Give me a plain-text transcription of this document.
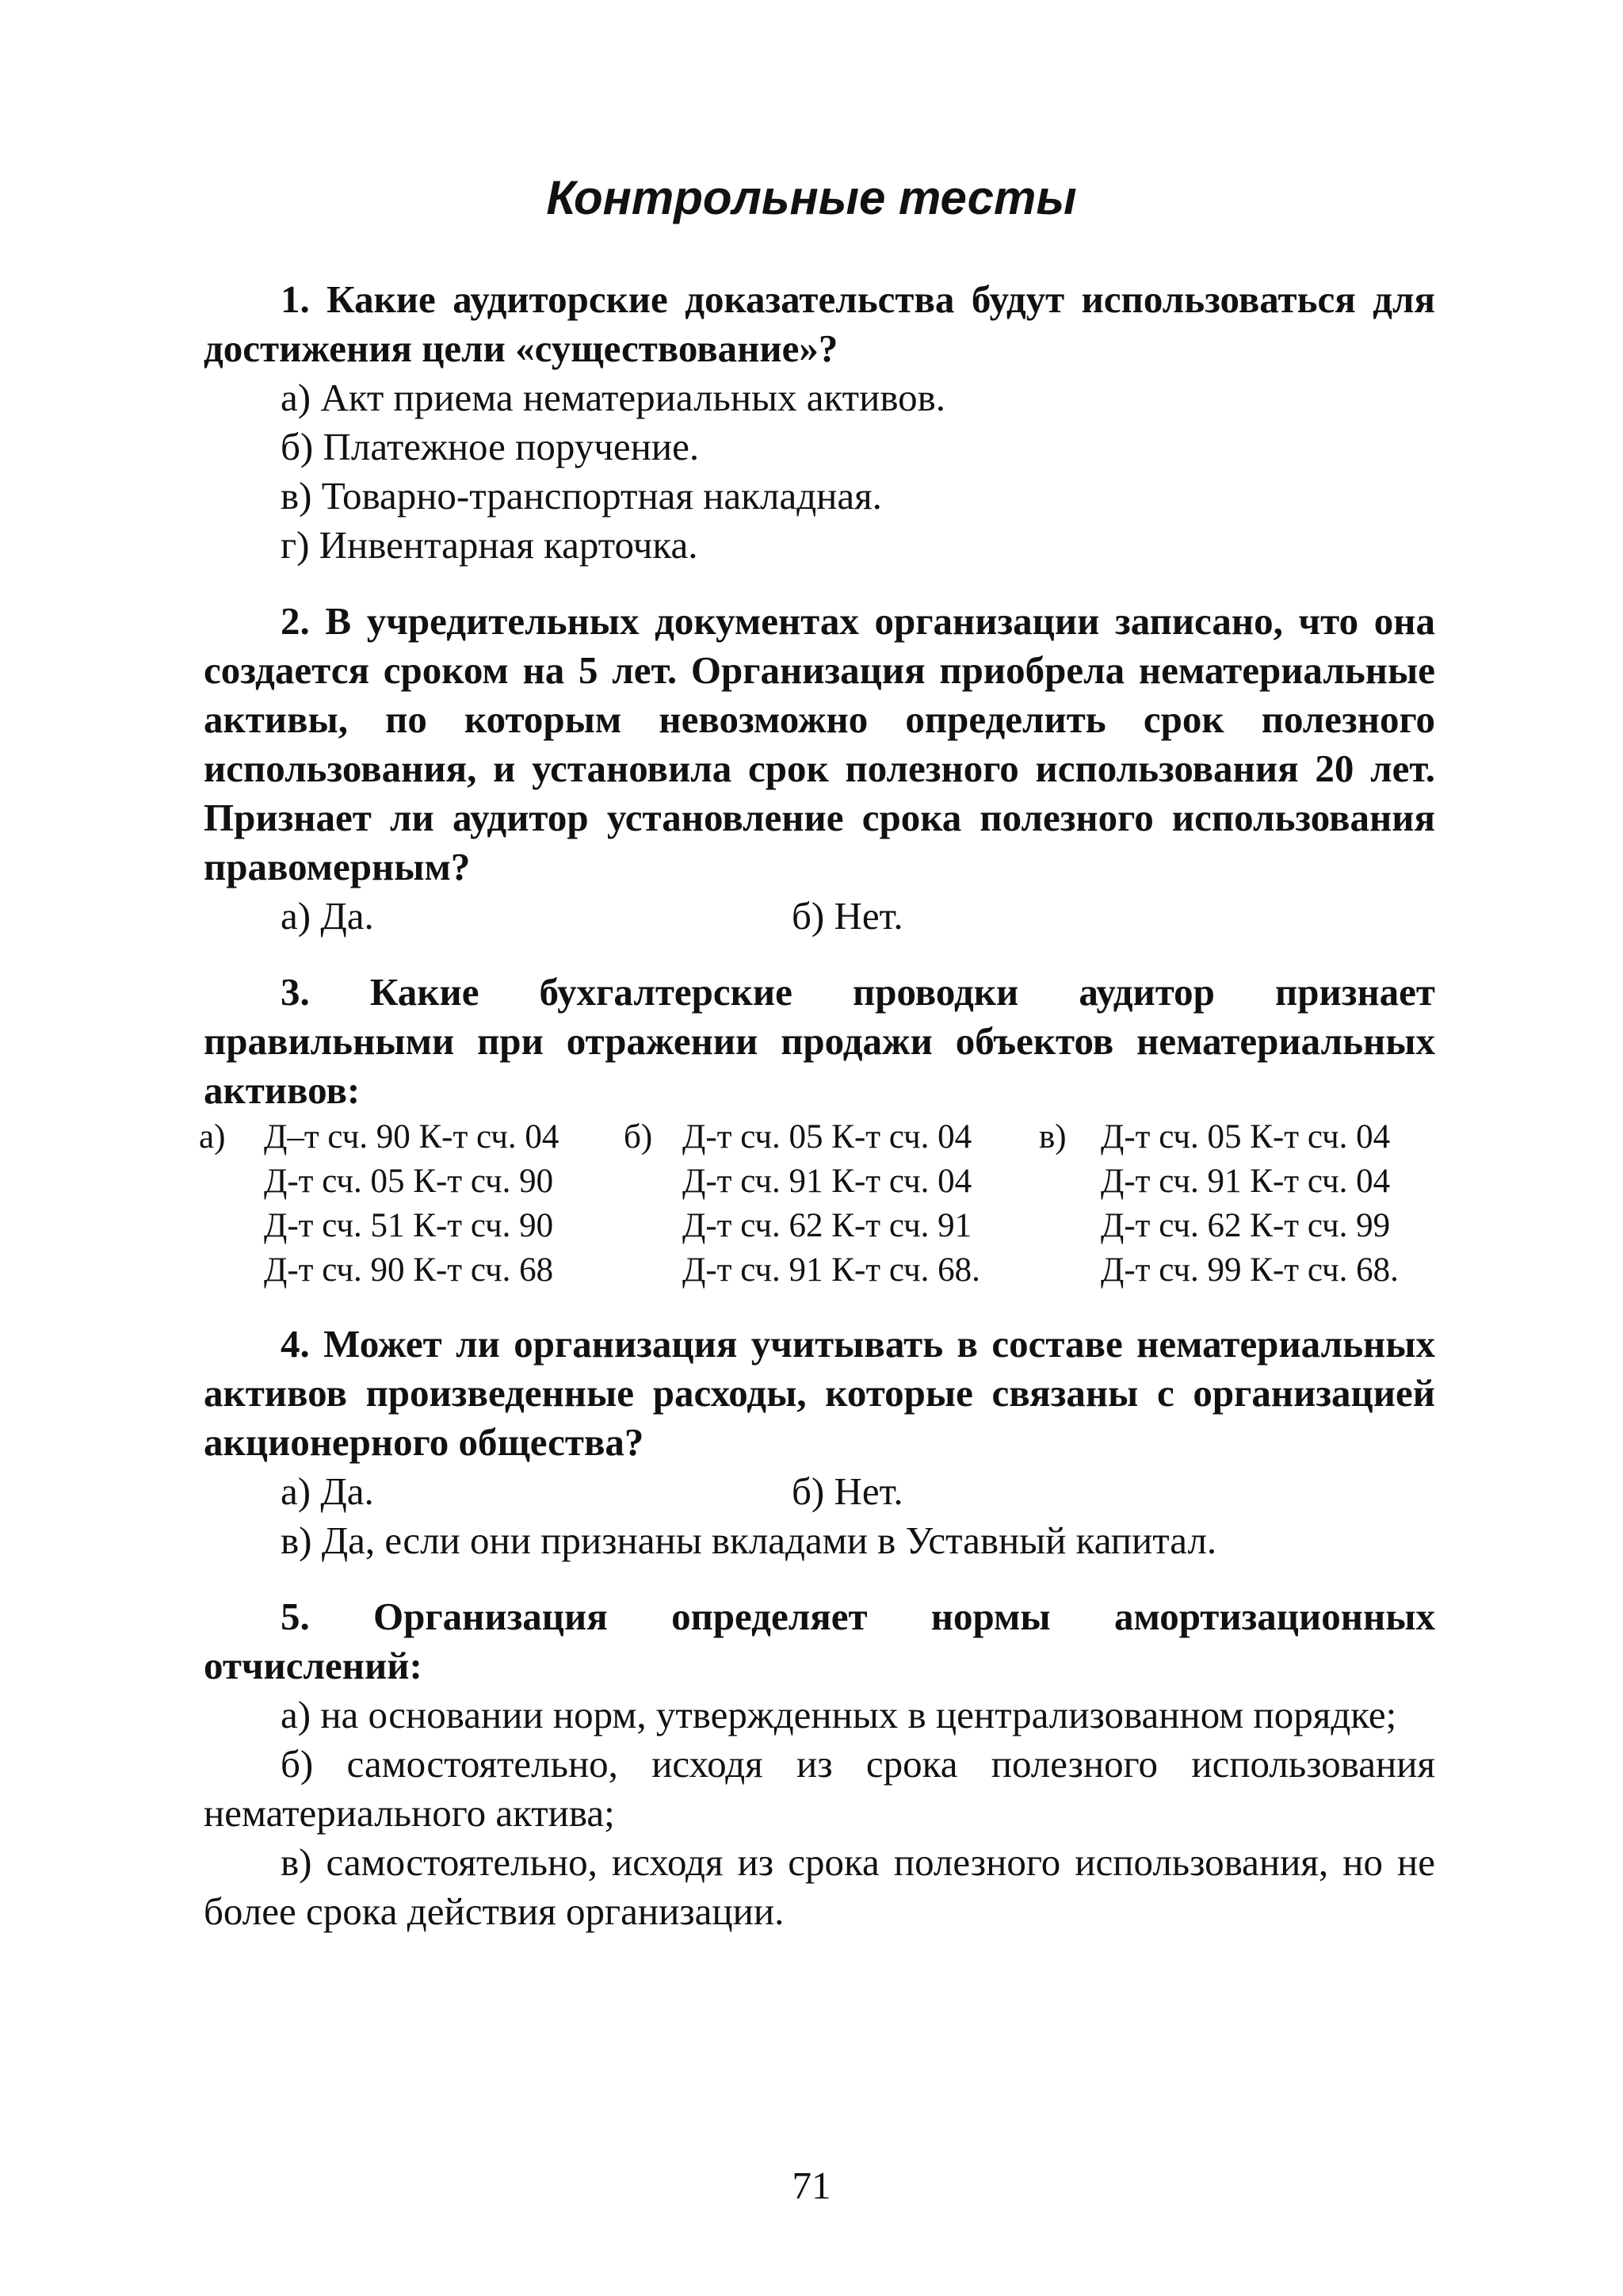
Контрольные тесты

1. Какие аудиторские доказательства будут использоваться для достижения цели «существование»?

а) Акт приема нематериальных активов.

б) Платежное поручение.

в) Товарно-транспортная накладная.

г) Инвентарная карточка.

2. В учредительных документах организации записано, что она создается сроком на 5 лет. Организация приобрела нематериальные активы, по которым невозможно определить срок полезного использования, и установила срок полезного использования 20 лет. Признает ли аудитор установление срока полезного использования правомерным?

а) Да.	б) Нет.

3. Какие бухгалтерские проводки аудитор признает правильными при отражении продажи объектов нематериальных активов:

а) Д–т сч. 90 К-т сч. 04
Д-т сч. 05 К-т сч. 90
Д-т сч. 51 К-т сч. 90
Д-т сч. 90 К-т сч. 68
б) Д-т сч. 05 К-т сч. 04
Д-т сч. 91 К-т сч. 04
Д-т сч. 62 К-т сч. 91
Д-т сч. 91 К-т сч. 68.
в) Д-т сч. 05 К-т сч. 04
Д-т сч. 91 К-т сч. 04
Д-т сч. 62 К-т сч. 99
Д-т сч. 99 К-т сч. 68.

4. Может ли организация учитывать в составе нематериальных активов произведенные расходы, которые связаны с организацией акционерного общества?

а) Да.	б) Нет.

в) Да, если они признаны вкладами в Уставный капитал.

5. Организация определяет нормы амортизационных отчислений:

а) на основании норм, утвержденных в централизованном порядке;

б) самостоятельно, исходя из срока полезного использования нематериального актива;

в) самостоятельно, исходя из срока полезного использования, но не более срока действия организации.

71
